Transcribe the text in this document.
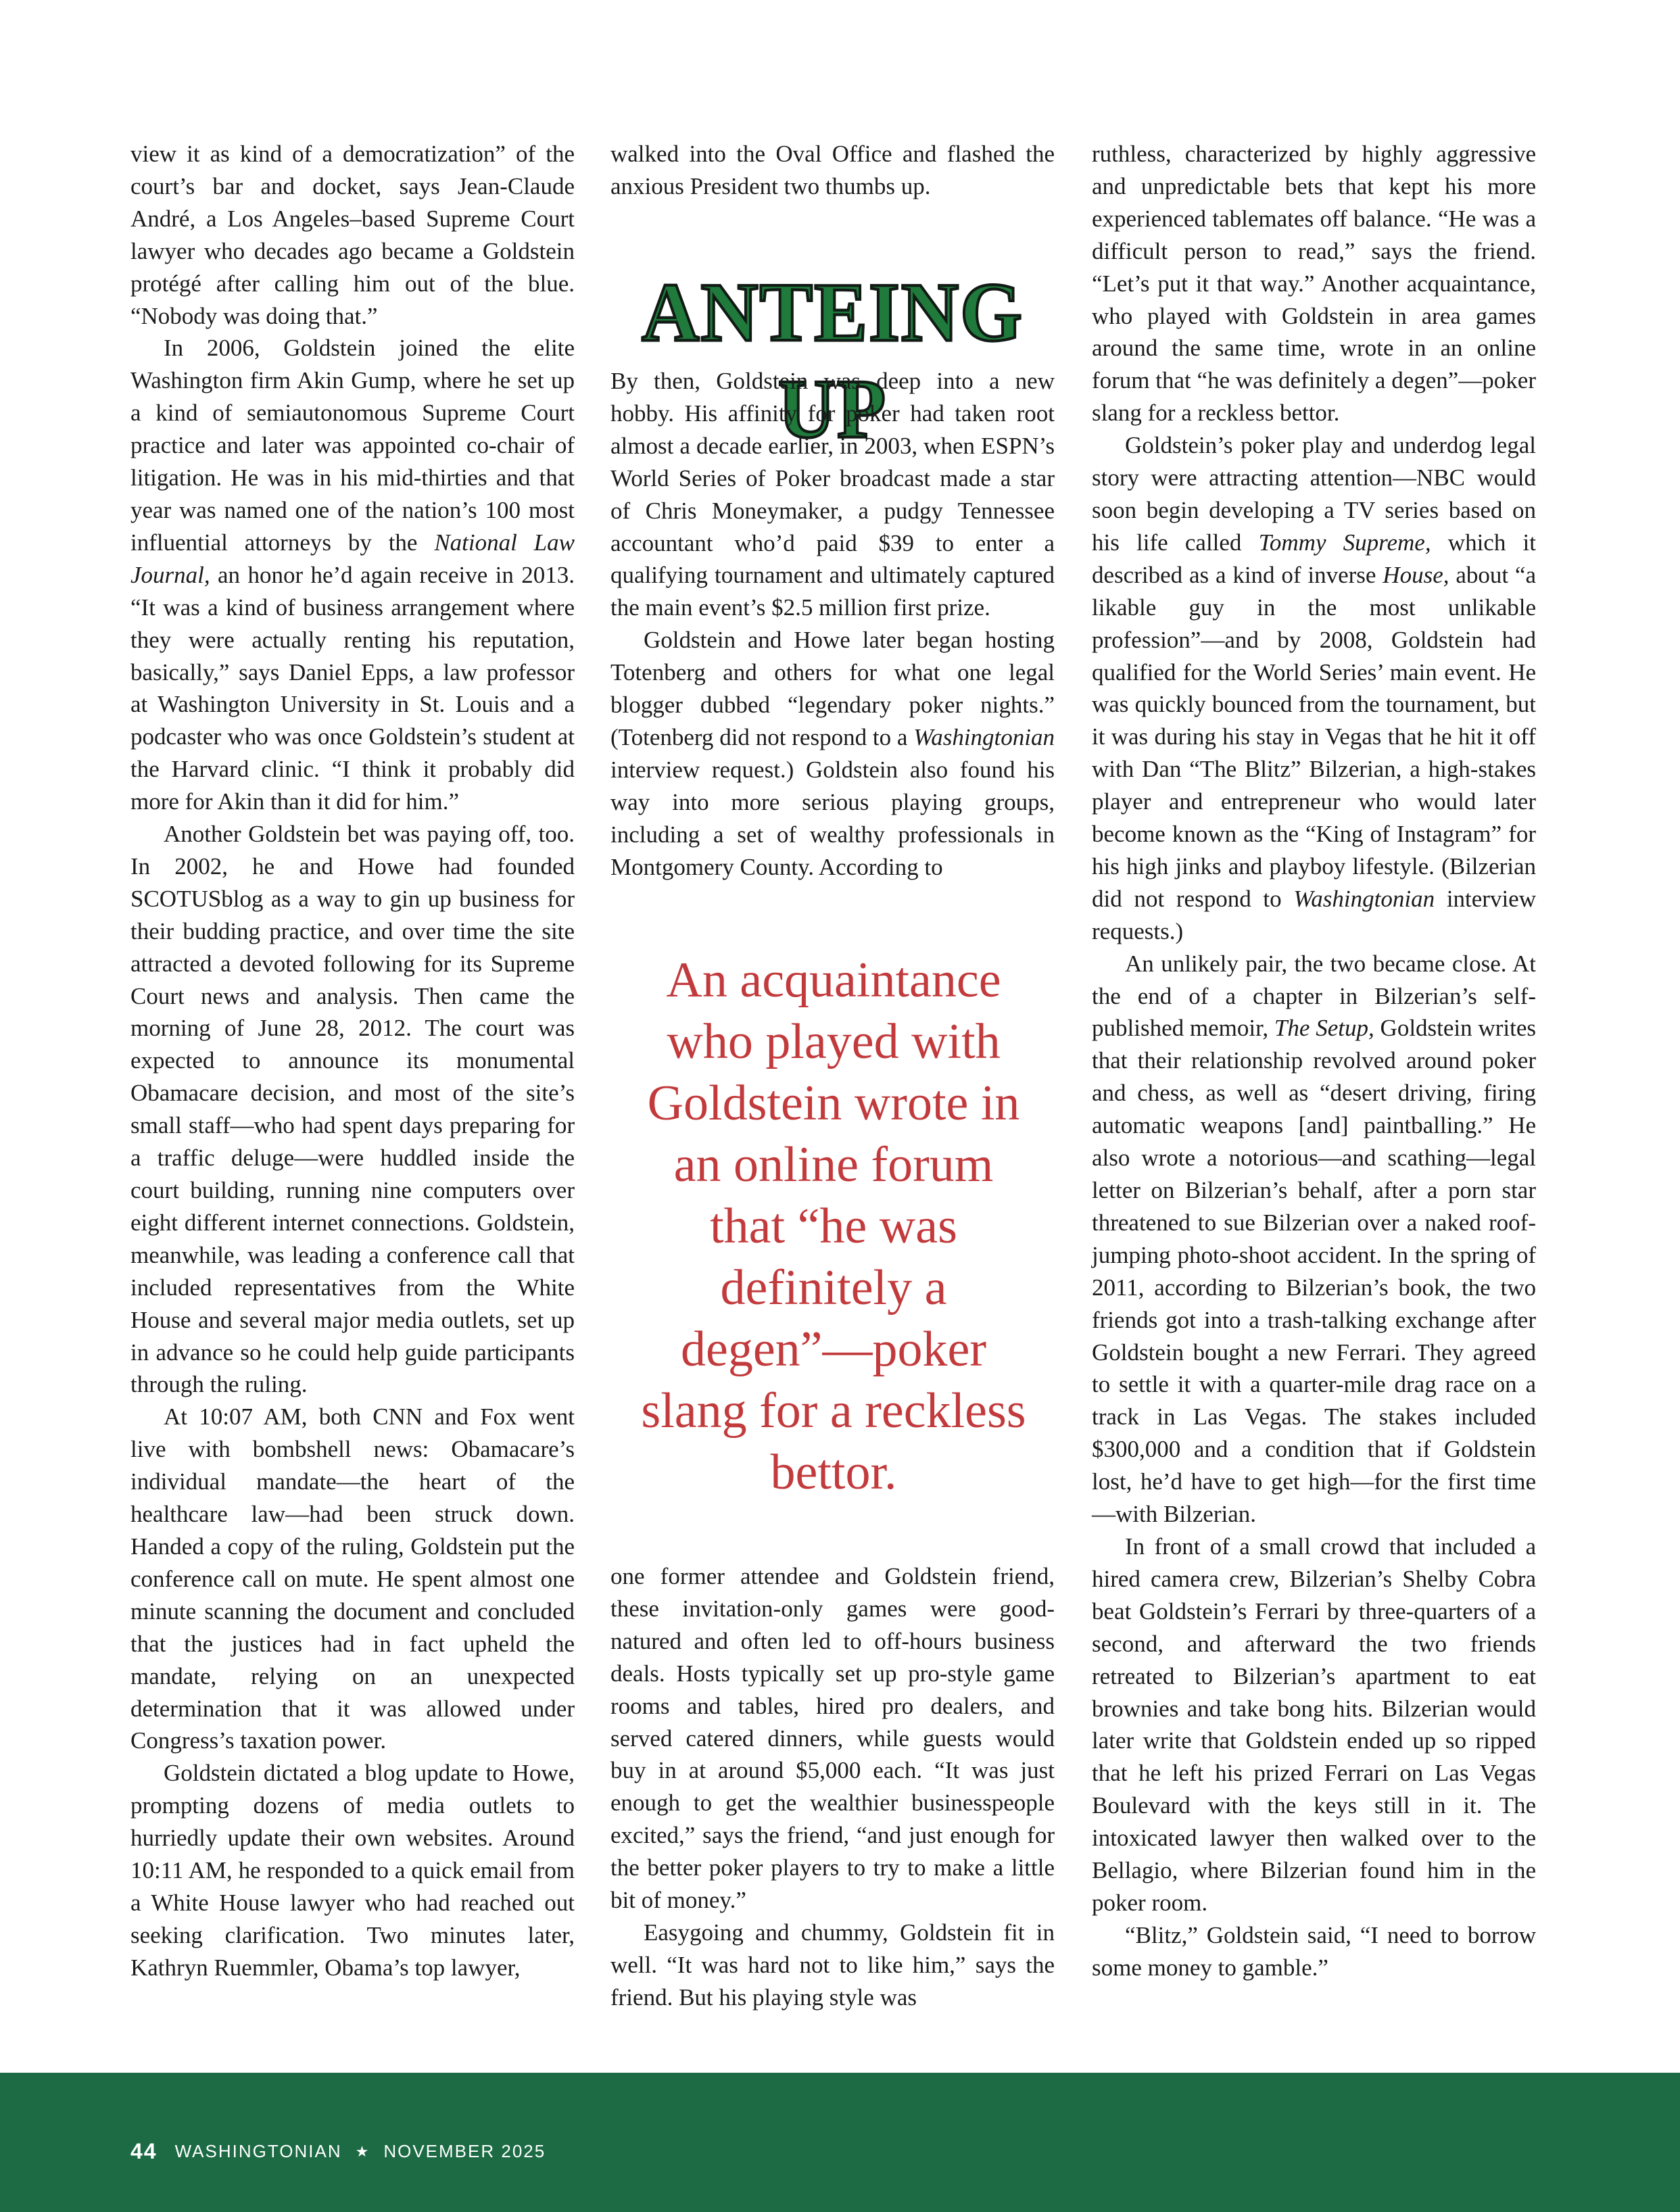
view it as kind of a democratization” of the court’s bar and docket, says Jean-Claude André, a Los Angeles–based Supreme Court lawyer who decades ago became a Goldstein protégé after calling him out of the blue. “Nobody was doing that.”

In 2006, Goldstein joined the elite Washington firm Akin Gump, where he set up a kind of semiautonomous Supreme Court practice and later was appointed co-chair of litigation. He was in his mid-thirties and that year was named one of the nation’s 100 most influential attorneys by the National Law Journal, an honor he’d again receive in 2013. “It was a kind of business arrangement where they were actually renting his reputation, basically,” says Daniel Epps, a law professor at Washington University in St. Louis and a podcaster who was once Goldstein’s student at the Harvard clinic. “I think it probably did more for Akin than it did for him.”

Another Goldstein bet was paying off, too. In 2002, he and Howe had founded SCOTUSblog as a way to gin up business for their budding practice, and over time the site attracted a devoted following for its Supreme Court news and analysis. Then came the morning of June 28, 2012. The court was expected to announce its monumental Obamacare decision, and most of the site’s small staff—who had spent days preparing for a traffic deluge—were huddled inside the court building, running nine computers over eight different internet connections. Goldstein, meanwhile, was leading a conference call that included representatives from the White House and several major media outlets, set up in advance so he could help guide participants through the ruling.

At 10:07 AM, both CNN and Fox went live with bombshell news: Obamacare’s individual mandate—the heart of the healthcare law—had been struck down. Handed a copy of the ruling, Goldstein put the conference call on mute. He spent almost one minute scanning the document and concluded that the justices had in fact upheld the mandate, relying on an unexpected determination that it was allowed under Congress’s taxation power.

Goldstein dictated a blog update to Howe, prompting dozens of media outlets to hurriedly update their own websites. Around 10:11 AM, he responded to a quick email from a White House lawyer who had reached out seeking clarification. Two minutes later, Kathryn Ruemmler, Obama’s top lawyer,

walked into the Oval Office and flashed the anxious President two thumbs up.

ANTEING UP

By then, Goldstein was deep into a new hobby. His affinity for poker had taken root almost a decade earlier, in 2003, when ESPN’s World Series of Poker broadcast made a star of Chris Moneymaker, a pudgy Tennessee accountant who’d paid $39 to enter a qualifying tournament and ultimately captured the main event’s $2.5 million first prize.

Goldstein and Howe later began hosting Totenberg and others for what one legal blogger dubbed “legendary poker nights.” (Totenberg did not respond to a Washingtonian interview request.) Goldstein also found his way into more serious playing groups, including a set of wealthy professionals in Montgomery County. According to

An acquaintance who played with Goldstein wrote in an online forum that “he was definitely a degen”—poker slang for a reckless bettor.

one former attendee and Goldstein friend, these invitation-only games were good-natured and often led to off-hours business deals. Hosts typically set up pro-style game rooms and tables, hired pro dealers, and served catered dinners, while guests would buy in at around $5,000 each. “It was just enough to get the wealthier businesspeople excited,” says the friend, “and just enough for the better poker players to try to make a little bit of money.”

Easygoing and chummy, Goldstein fit in well. “It was hard not to like him,” says the friend. But his playing style was

ruthless, characterized by highly aggressive and unpredictable bets that kept his more experienced tablemates off balance. “He was a difficult person to read,” says the friend. “Let’s put it that way.” Another acquaintance, who played with Goldstein in area games around the same time, wrote in an online forum that “he was definitely a degen”—poker slang for a reckless bettor.

Goldstein’s poker play and underdog legal story were attracting attention—NBC would soon begin developing a TV series based on his life called Tommy Supreme, which it described as a kind of inverse House, about “a likable guy in the most unlikable profession”—and by 2008, Goldstein had qualified for the World Series’ main event. He was quickly bounced from the tournament, but it was during his stay in Vegas that he hit it off with Dan “The Blitz” Bilzerian, a high-stakes player and entrepreneur who would later become known as the “King of Instagram” for his high jinks and playboy lifestyle. (Bilzerian did not respond to Washingtonian interview requests.)

An unlikely pair, the two became close. At the end of a chapter in Bilzerian’s self-published memoir, The Setup, Goldstein writes that their relationship revolved around poker and chess, as well as “desert driving, firing automatic weapons [and] paintballing.” He also wrote a notorious—and scathing—legal letter on Bilzerian’s behalf, after a porn star threatened to sue Bilzerian over a naked roof-jumping photo-shoot accident. In the spring of 2011, according to Bilzerian’s book, the two friends got into a trash-talking exchange after Goldstein bought a new Ferrari. They agreed to settle it with a quarter-mile drag race on a track in Las Vegas. The stakes included $300,000 and a condition that if Goldstein lost, he’d have to get high—for the first time—with Bilzerian.

In front of a small crowd that included a hired camera crew, Bilzerian’s Shelby Cobra beat Goldstein’s Ferrari by three-quarters of a second, and afterward the two friends retreated to Bilzerian’s apartment to eat brownies and take bong hits. Bilzerian would later write that Goldstein ended up so ripped that he left his prized Ferrari on Las Vegas Boulevard with the keys still in it. The intoxicated lawyer then walked over to the Bellagio, where Bilzerian found him in the poker room.

“Blitz,” Goldstein said, “I need to borrow some money to gamble.”

44 WASHINGTONIAN ★ NOVEMBER 2025
